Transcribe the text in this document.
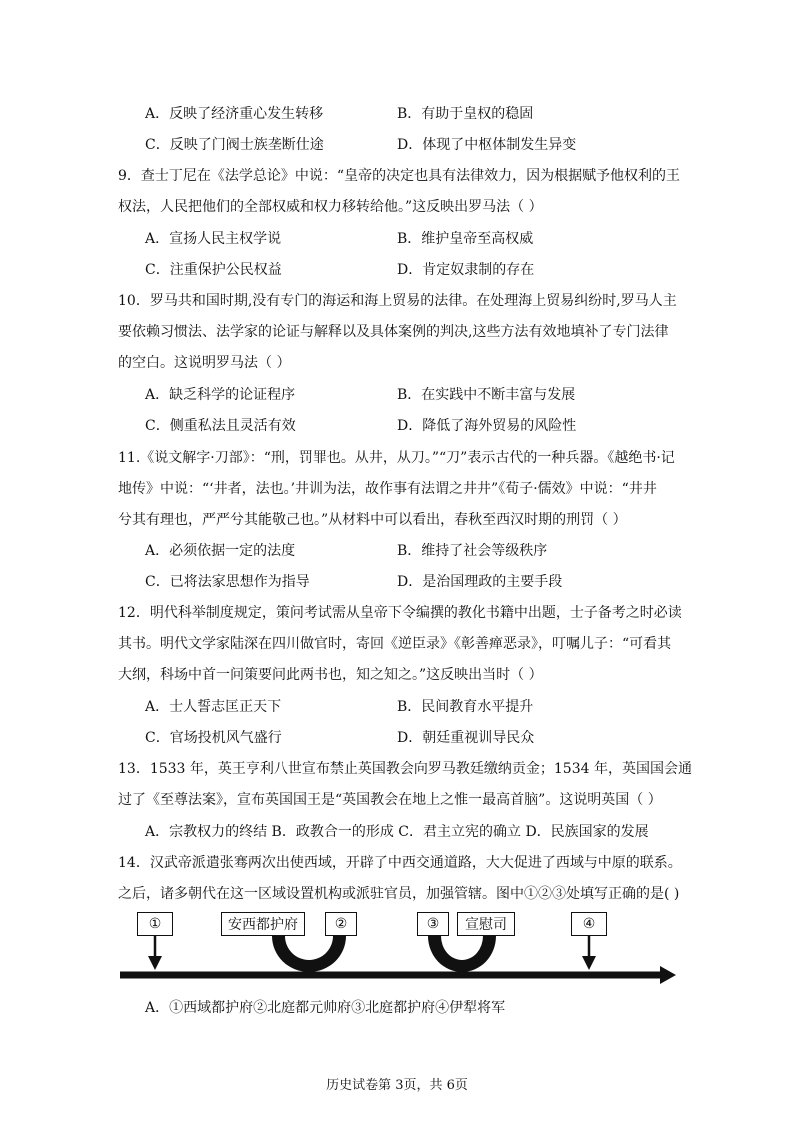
A．反映了经济重心发生转移	B．有助于皇权的稳固
C．反映了门阀士族垄断仕途	D．体现了中枢体制发生异变
9．查士丁尼在《法学总论》中说：“皇帝的决定也具有法律效力，因为根据赋予他权利的王
权法，人民把他们的全部权威和权力移转给他。”这反映出罗马法（ ）
A．宣扬人民主权学说	B．维护皇帝至高权威
C．注重保护公民权益	D．肯定奴隶制的存在
10．罗马共和国时期,没有专门的海运和海上贸易的法律。在处理海上贸易纠纷时,罗马人主
要依赖习惯法、法学家的论证与解释以及具体案例的判决,这些方法有效地填补了专门法律
的空白。这说明罗马法（ ）
A．缺乏科学的论证程序	B．在实践中不断丰富与发展
C．侧重私法且灵活有效	D．降低了海外贸易的风险性
11.《说文解字·刀部》：“刑，罚罪也。从井，从刀。”“刀”表示古代的一种兵器。《越绝书·记
地传》中说：“‘井者，法也。’井训为法，故作事有法谓之井井”《荀子·儒效》中说：“井井
兮其有理也，严严兮其能敬己也。”从材料中可以看出，春秋至西汉时期的刑罚（ ）
A．必须依据一定的法度	B．维持了社会等级秩序
C．已将法家思想作为指导	D．是治国理政的主要手段
12．明代科举制度规定，策问考试需从皇帝下令编撰的教化书籍中出题，士子备考之时必读
其书。明代文学家陆深在四川做官时，寄回《逆臣录》《彰善瘅恶录》，叮嘱儿子：“可看其
大纲，科场中首一问策要问此两书也，知之知之。”这反映出当时（ ）
A．士人誓志匡正天下	B．民间教育水平提升
C．官场投机风气盛行	D．朝廷重视训导民众
13．1533 年，英王亨利八世宣布禁止英国教会向罗马教廷缴纳贡金；1534 年，英国国会通
过了《至尊法案》，宣布英国国王是“英国教会在地上之惟一最高首脑”。这说明英国（ ）
A．宗教权力的终结 B．政教合一的形成 C．君主立宪的确立 D．民族国家的发展
14．汉武帝派遣张骞两次出使西域，开辟了中西交通道路，大大促进了西域与中原的联系。
之后，诸多朝代在这一区域设置机构或派驻官员，加强管辖。图中①②③处填写正确的是( )
①	安西都护府	②	③	宣慰司	④
A．①西域都护府②北庭都元帅府③北庭都护府④伊犁将军
历史试卷第 3页，共 6页
